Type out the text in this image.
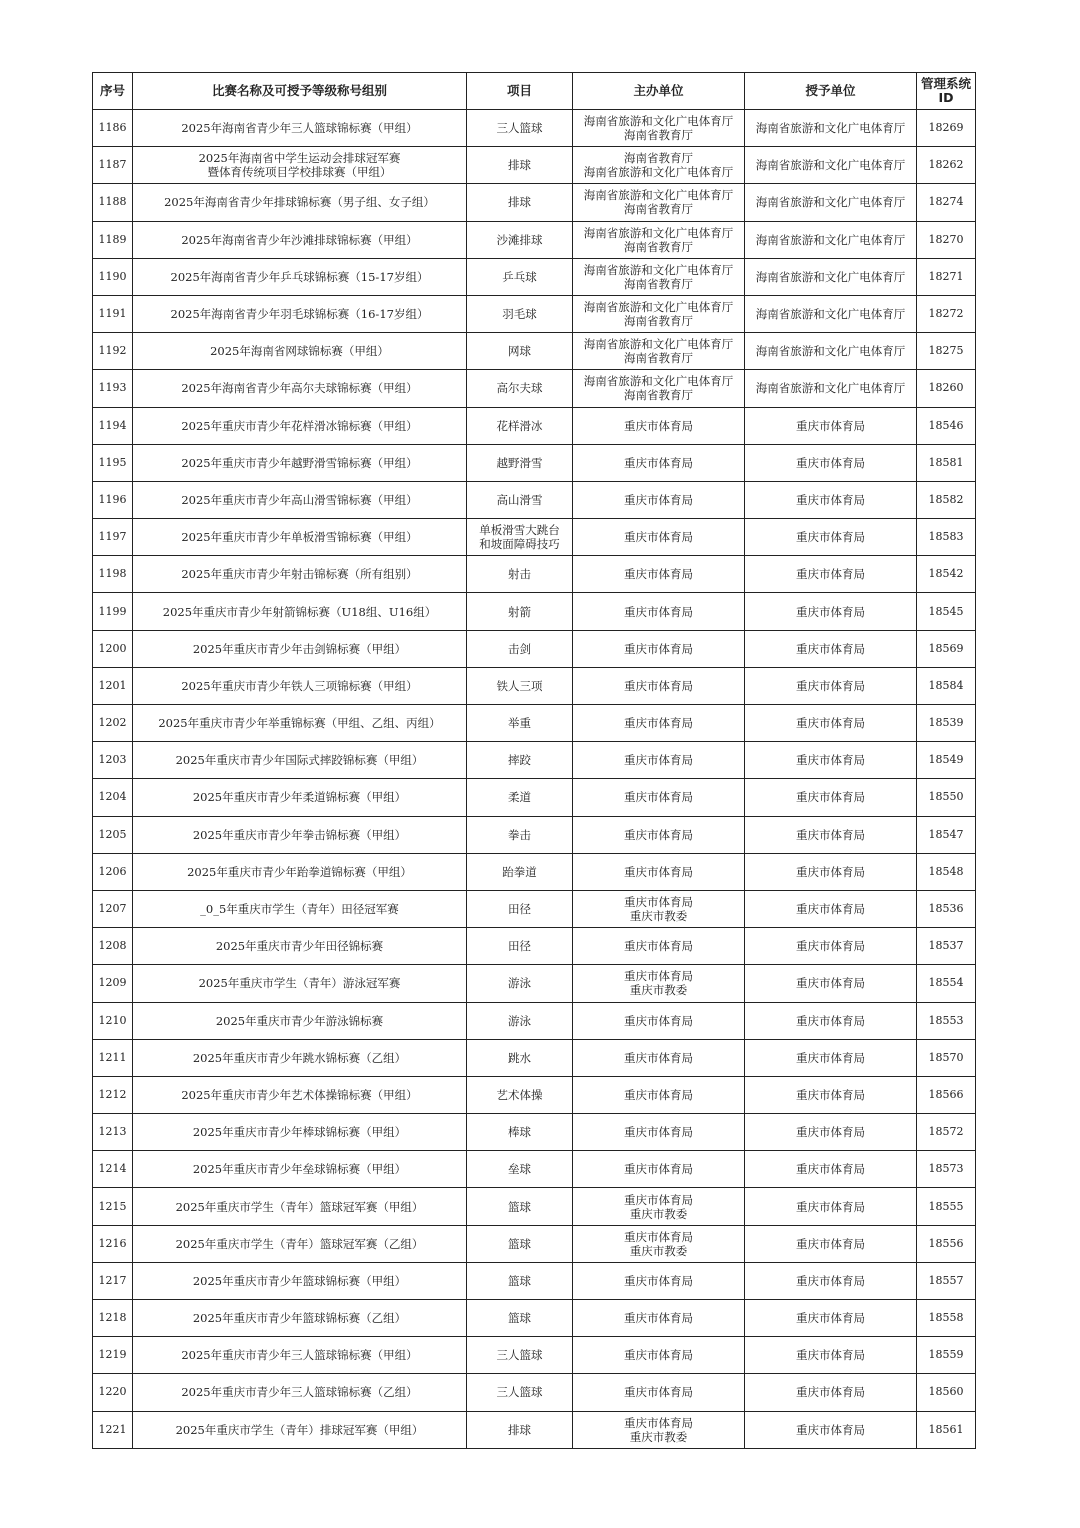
序号	比赛名称及可授予等级称号组别	项目	主办单位	授予单位	管理系统
ID

1186	2025年海南省青少年三人篮球锦标赛（甲组）	三人篮球	海南省旅游和文化广电体育厅
海南省教育厅	海南省旅游和文化广电体育厅	18269
1187	2025年海南省中学生运动会排球冠军赛
暨体育传统项目学校排球赛（甲组）	排球	海南省教育厅
海南省旅游和文化广电体育厅	海南省旅游和文化广电体育厅	18262
1188	2025年海南省青少年排球锦标赛（男子组、女子组）	排球	海南省旅游和文化广电体育厅
海南省教育厅	海南省旅游和文化广电体育厅	18274
1189	2025年海南省青少年沙滩排球锦标赛（甲组）	沙滩排球	海南省旅游和文化广电体育厅
海南省教育厅	海南省旅游和文化广电体育厅	18270
1190	2025年海南省青少年乒乓球锦标赛（15-17岁组）	乒乓球	海南省旅游和文化广电体育厅
海南省教育厅	海南省旅游和文化广电体育厅	18271
1191	2025年海南省青少年羽毛球锦标赛（16-17岁组）	羽毛球	海南省旅游和文化广电体育厅
海南省教育厅	海南省旅游和文化广电体育厅	18272
1192	2025年海南省网球锦标赛（甲组）	网球	海南省旅游和文化广电体育厅
海南省教育厅	海南省旅游和文化广电体育厅	18275
1193	2025年海南省青少年高尔夫球锦标赛（甲组）	高尔夫球	海南省旅游和文化广电体育厅
海南省教育厅	海南省旅游和文化广电体育厅	18260
1194	2025年重庆市青少年花样滑冰锦标赛（甲组）	花样滑冰	重庆市体育局	重庆市体育局	18546
1195	2025年重庆市青少年越野滑雪锦标赛（甲组）	越野滑雪	重庆市体育局	重庆市体育局	18581
1196	2025年重庆市青少年高山滑雪锦标赛（甲组）	高山滑雪	重庆市体育局	重庆市体育局	18582
1197	2025年重庆市青少年单板滑雪锦标赛（甲组）	单板滑雪大跳台
和坡面障碍技巧	重庆市体育局	重庆市体育局	18583
1198	2025年重庆市青少年射击锦标赛（所有组别）	射击	重庆市体育局	重庆市体育局	18542
1199	2025年重庆市青少年射箭锦标赛（U18组、U16组）	射箭	重庆市体育局	重庆市体育局	18545
1200	2025年重庆市青少年击剑锦标赛（甲组）	击剑	重庆市体育局	重庆市体育局	18569
1201	2025年重庆市青少年铁人三项锦标赛（甲组）	铁人三项	重庆市体育局	重庆市体育局	18584
1202	2025年重庆市青少年举重锦标赛（甲组、乙组、丙组）	举重	重庆市体育局	重庆市体育局	18539
1203	2025年重庆市青少年国际式摔跤锦标赛（甲组）	摔跤	重庆市体育局	重庆市体育局	18549
1204	2025年重庆市青少年柔道锦标赛（甲组）	柔道	重庆市体育局	重庆市体育局	18550
1205	2025年重庆市青少年拳击锦标赛（甲组）	拳击	重庆市体育局	重庆市体育局	18547
1206	2025年重庆市青少年跆拳道锦标赛（甲组）	跆拳道	重庆市体育局	重庆市体育局	18548
1207	_0_5年重庆市学生（青年）田径冠军赛	田径	重庆市体育局
重庆市教委	重庆市体育局	18536
1208	2025年重庆市青少年田径锦标赛	田径	重庆市体育局	重庆市体育局	18537
1209	2025年重庆市学生（青年）游泳冠军赛	游泳	重庆市体育局
重庆市教委	重庆市体育局	18554
1210	2025年重庆市青少年游泳锦标赛	游泳	重庆市体育局	重庆市体育局	18553
1211	2025年重庆市青少年跳水锦标赛（乙组）	跳水	重庆市体育局	重庆市体育局	18570
1212	2025年重庆市青少年艺术体操锦标赛（甲组）	艺术体操	重庆市体育局	重庆市体育局	18566
1213	2025年重庆市青少年棒球锦标赛（甲组）	棒球	重庆市体育局	重庆市体育局	18572
1214	2025年重庆市青少年垒球锦标赛（甲组）	垒球	重庆市体育局	重庆市体育局	18573
1215	2025年重庆市学生（青年）篮球冠军赛（甲组）	篮球	重庆市体育局
重庆市教委	重庆市体育局	18555
1216	2025年重庆市学生（青年）篮球冠军赛（乙组）	篮球	重庆市体育局
重庆市教委	重庆市体育局	18556
1217	2025年重庆市青少年篮球锦标赛（甲组）	篮球	重庆市体育局	重庆市体育局	18557
1218	2025年重庆市青少年篮球锦标赛（乙组）	篮球	重庆市体育局	重庆市体育局	18558
1219	2025年重庆市青少年三人篮球锦标赛（甲组）	三人篮球	重庆市体育局	重庆市体育局	18559
1220	2025年重庆市青少年三人篮球锦标赛（乙组）	三人篮球	重庆市体育局	重庆市体育局	18560
1221	2025年重庆市学生（青年）排球冠军赛（甲组）	排球	重庆市体育局
重庆市教委	重庆市体育局	18561
